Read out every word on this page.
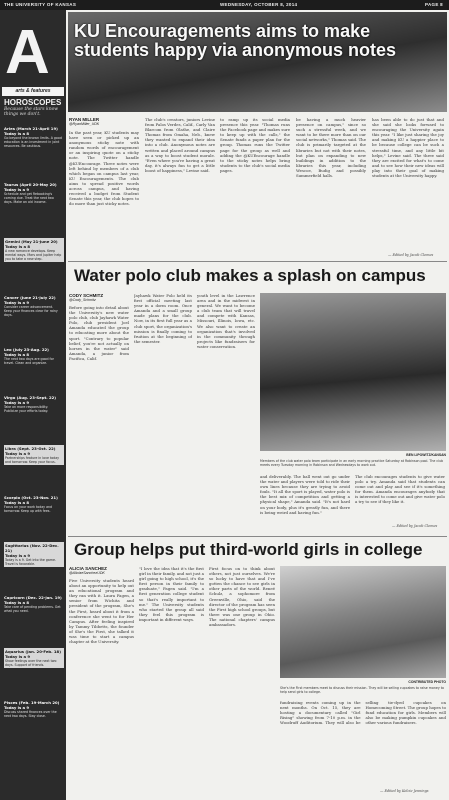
THE UNIVERSITY OF KANSAS	WEDNESDAY, OCTOBER 8, 2014	PAGE 8
A
arts & features
HOROSCOPES
Because the stars know things we don't.
Aries (March 21-April 19)
Today is a 8
Go beyond the known limits. A good education is an investment in joint resources. Be cautious.
Taurus (April 20-May 20)
Today is a 9
Schedule and get Rebooking's coming due. Treat the next two days. Make an old income.
Gemini (May 21-June 20)
Today is a 8
A new romance develops. Keep mental ways. Mars and Jupiter help you to take a new step.
Cancer (June 21-July 22)
Today is a 9
Consider career advancement. Keep your finances clear for rainy days.
Leo (July 23-Aug. 22)
Today is a 8
The next two days are good for travel. Clean and organize.
Virgo (Aug. 23-Sept. 22)
Today is a 9
Take on more responsibility. Publicize your efforts today.
Libra (Sept. 23-Oct. 22)
Today is a 9
Partnerships feature in love today and tomorrow. Keep your focus.
Scorpio (Oct. 23-Nov. 21)
Today is a 8
Focus on your work today and tomorrow. Keep up with fees.
Sagittarius (Nov. 22-Dec. 21)
Today is a 9
Today is a 9. Get into the game. Travel is favorable.
Capricorn (Dec. 22-Jan. 19)
Today is a 8
Take care of pending problems. Get what you need.
Aquarius (Jan. 20-Feb. 18)
Today is a 9
Show feelings over the next two days. Support of friends.
Pisces (Feb. 19-March 20)
Today is a 9
Discuss shared finances over the next two days. Stay close.
KU Encouragements aims to make students happy via anonymous notes
RYAN MILLER
@RyanMiller_UDK
In the past year, KU students may have seen or picked up an anonymous sticky note with random words of encouragement or an inspiring quote on a sticky note. The Twitter handle @KUEncourage. Three notes were left behind by members of a club which began on campus last year, KU Encouragements. The club aims to spread positive words across campus, and having received a budget from Student Senate this year, the club hopes to do more than just sticky notes.
The club's creators, juniors Levine from Palos Verdes, Calif., Carly Van Blarcom from Olathe, and Claire Thomas from Omaha, Neb., knew they wanted to expand their idea into a club. Anonymous notes are written and placed around campus as a way to boost student morale. "Even where you're having a great day, it's always fun to get a little boost of happiness," Levine said.
to ramp up its social media presence this year. "Thomas runs the Facebook page and makes sure to keep up with the calls," the Senate funds a paper plan for the group. Thomas runs the Twitter page for the group as well and adding the @KUEncourage handle to the sticky notes helps bring students to the club's social media pages.
be having a much heavier presence on campus," since so such a stressful week, and we want to be there more than on our social networks," Thomas said. The club is primarily targeted at the libraries but not with their notes, but plan on expanding to new buildings in addition to the libraries this year, including Wescoe, Budig and possibly Summerfield halls.
has been able to do just that and she said she looks forward to encouraging the University again this year. "I like just sharing the joy and making KU a happier place to be because college can be such a stressful time, and any little bit helps," Levine said. The three said they are excited for what's to come and to see how their new ideas will play into their goal of making students at the University happy.
— Edited by Jacob Clemes
Water polo club makes a splash on campus
CODY SCHMITZ
@Cody_Schmitz
Before going into detail about the University's new water polo club, club Jayhawk Water Polo, club president Joel Amanda educated the group to educating more about the sport. "Contrary to popular belief, you're not actually on horses in the water" said Amanda, a junior from Pacifica, Calif.
Jayhawk Water Polo held its first official meeting last year in a dorm room. Once Amanda and a small group made plans for the club. Now, in its first full year as a club sport, the organization's mission is finally coming to fruition at the beginning of the semester.
youth level in the Lawrence area and in the midwest in general. We want to become a club team that will travel and compete with Kansas, Missouri, Illinois, Iowa, etc. We also want to create an organization that's involved in the community through projects like fundraisers for water conservation.
BEN LIPOWITZ/KANSAN
Members of the club water polo team participate in an early morning practice Saturday at Robinson pool. The club meets every Tuesday morning in Robinson and Wednesdays to work out.
and deliverably. The ball went out go under the water and players were told to ride their own lines because they are trying to avoid fouls. "It all the sport is played, water polo is the best mix of competition and getting a physical shape," Amanda said. "It's not hard on your body, plus it's greatly fun, and there is being weird and having fun."
The club encourages students to give water polo a try. Amanda said that students can come out and play and see if it's something for them. Amanda encourages anybody that is interested to come out and give water polo a try to see if they like it.
— Edited by Jacob Clemes
Group helps put third-world girls in college
ALICIA SANCHEZ
@AliciaeSanchezUDK
Five University students heard about an opportunity to help out an educational program and they ran with it. Laura Fagen, a senior from Wichita and president of the program, She's the First, heard about it from a conference she went to for Her Campus. After feeling inspired by Tammy Tibbetts, the founder of She's the First, she talked it was time to start a campus chapter at the University.
"I love the idea that it's the first girl in their family, and not just a girl going to high school, it's the first person in their family to graduate," Fagen said. "I'm a first generation college student so that's really important to me." The University students who started the group all said they feel this program is important in different ways.
First focus on to think about others, not just ourselves. We're so lucky to have that and I've gotten the chance to see girls in other parts of the world. Reneé Schulz, a sophomore from Greenville, Ohio, said the director of the program has seen the First high school groups, but there was one group in Ohio. The national chapters' campus ambassadors.
CONTRIBUTED PHOTO
She's the First members meet to discuss their mission. They will be selling cupcakes to raise money to help send girls to college.
fundraising events coming up in the next months. On Oct. 15, they are hosting a documentary called "Girl Rising" showing from 7-10 p.m. in the Woodruff Auditorium. They will also be selling tie-dyed cupcakes on Homecoming Street. The group hopes to fund education for girls. Members will also be making pumpkin cupcakes and other various fundraisers.
— Edited by Kelcie Jennings
